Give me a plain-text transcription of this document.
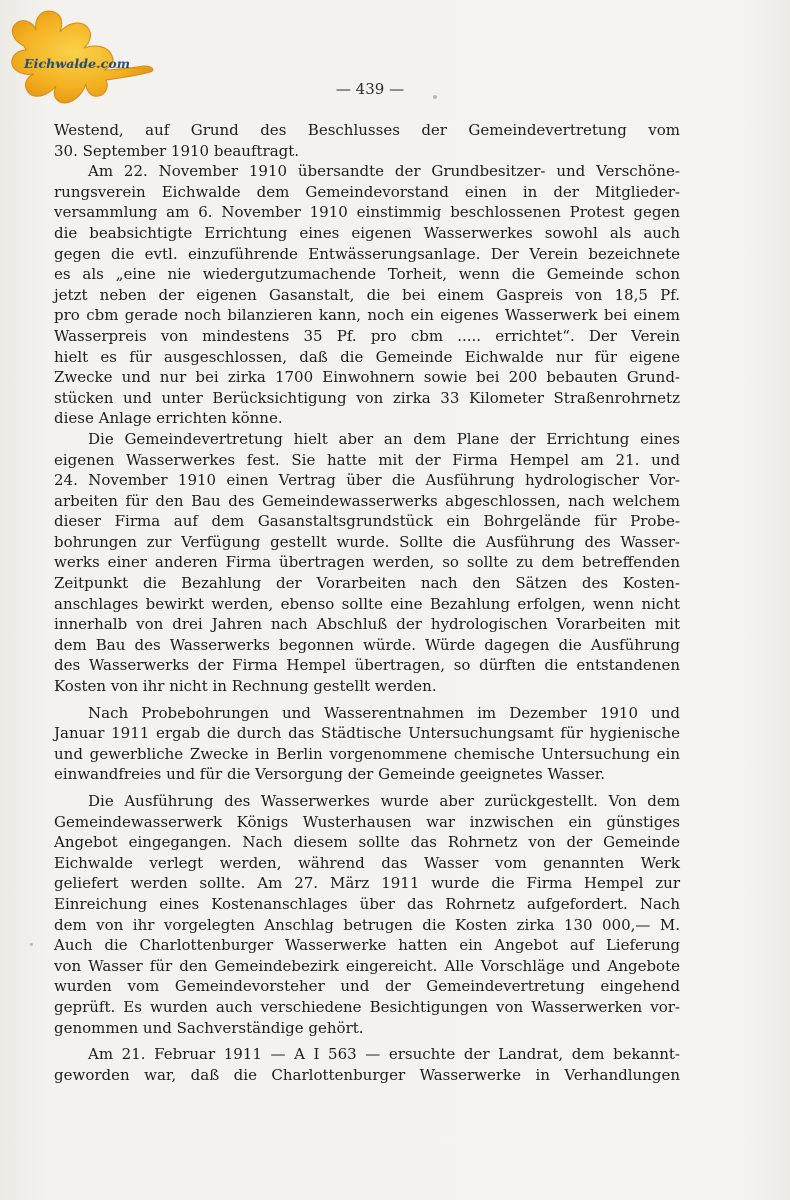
Eichwalde.com
— 439 —

Westend, auf Grund des Beschlusses der Gemeindevertretung vom
30. September 1910 beauftragt.

Am 22. November 1910 übersandte der Grundbesitzer- und Verschöne-
rungsverein Eichwalde dem Gemeindevorstand einen in der Mitglieder-
versammlung am 6. November 1910 einstimmig beschlossenen Protest gegen
die beabsichtigte Errichtung eines eigenen Wasserwerkes sowohl als auch
gegen die evtl. einzuführende Entwässerungsanlage. Der Verein bezeichnete
es als „eine nie wiedergutzumachende Torheit, wenn die Gemeinde schon
jetzt neben der eigenen Gasanstalt, die bei einem Gaspreis von 18,5 Pf.
pro cbm gerade noch bilanzieren kann, noch ein eigenes Wasserwerk bei einem
Wasserpreis von mindestens 35 Pf. pro cbm ..... errichtet“. Der Verein
hielt es für ausgeschlossen, daß die Gemeinde Eichwalde nur für eigene
Zwecke und nur bei zirka 1700 Einwohnern sowie bei 200 bebauten Grund-
stücken und unter Berücksichtigung von zirka 33 Kilometer Straßenrohrnetz
diese Anlage errichten könne.

Die Gemeindevertretung hielt aber an dem Plane der Errichtung eines
eigenen Wasserwerkes fest. Sie hatte mit der Firma Hempel am 21. und
24. November 1910 einen Vertrag über die Ausführung hydrologischer Vor-
arbeiten für den Bau des Gemeindewasserwerks abgeschlossen, nach welchem
dieser Firma auf dem Gasanstaltsgrundstück ein Bohrgelände für Probe-
bohrungen zur Verfügung gestellt wurde. Sollte die Ausführung des Wasser-
werks einer anderen Firma übertragen werden, so sollte zu dem betreffenden
Zeitpunkt die Bezahlung der Vorarbeiten nach den Sätzen des Kosten-
anschlages bewirkt werden, ebenso sollte eine Bezahlung erfolgen, wenn nicht
innerhalb von drei Jahren nach Abschluß der hydrologischen Vorarbeiten mit
dem Bau des Wasserwerks begonnen würde. Würde dagegen die Ausführung
des Wasserwerks der Firma Hempel übertragen, so dürften die entstandenen
Kosten von ihr nicht in Rechnung gestellt werden.

Nach Probebohrungen und Wasserentnahmen im Dezember 1910 und
Januar 1911 ergab die durch das Städtische Untersuchungsamt für hygienische
und gewerbliche Zwecke in Berlin vorgenommene chemische Untersuchung ein
einwandfreies und für die Versorgung der Gemeinde geeignetes Wasser.

Die Ausführung des Wasserwerkes wurde aber zurückgestellt. Von dem
Gemeindewasserwerk Königs Wusterhausen war inzwischen ein günstiges
Angebot eingegangen. Nach diesem sollte das Rohrnetz von der Gemeinde
Eichwalde verlegt werden, während das Wasser vom genannten Werk
geliefert werden sollte. Am 27. März 1911 wurde die Firma Hempel zur
Einreichung eines Kostenanschlages über das Rohrnetz aufgefordert. Nach
dem von ihr vorgelegten Anschlag betrugen die Kosten zirka 130 000,— M.
Auch die Charlottenburger Wasserwerke hatten ein Angebot auf Lieferung
von Wasser für den Gemeindebezirk eingereicht. Alle Vorschläge und Angebote
wurden vom Gemeindevorsteher und der Gemeindevertretung eingehend
geprüft. Es wurden auch verschiedene Besichtigungen von Wasserwerken vor-
genommen und Sachverständige gehört.

Am 21. Februar 1911 — A I 563 — ersuchte der Landrat, dem bekannt-
geworden war, daß die Charlottenburger Wasserwerke in Verhandlungen
